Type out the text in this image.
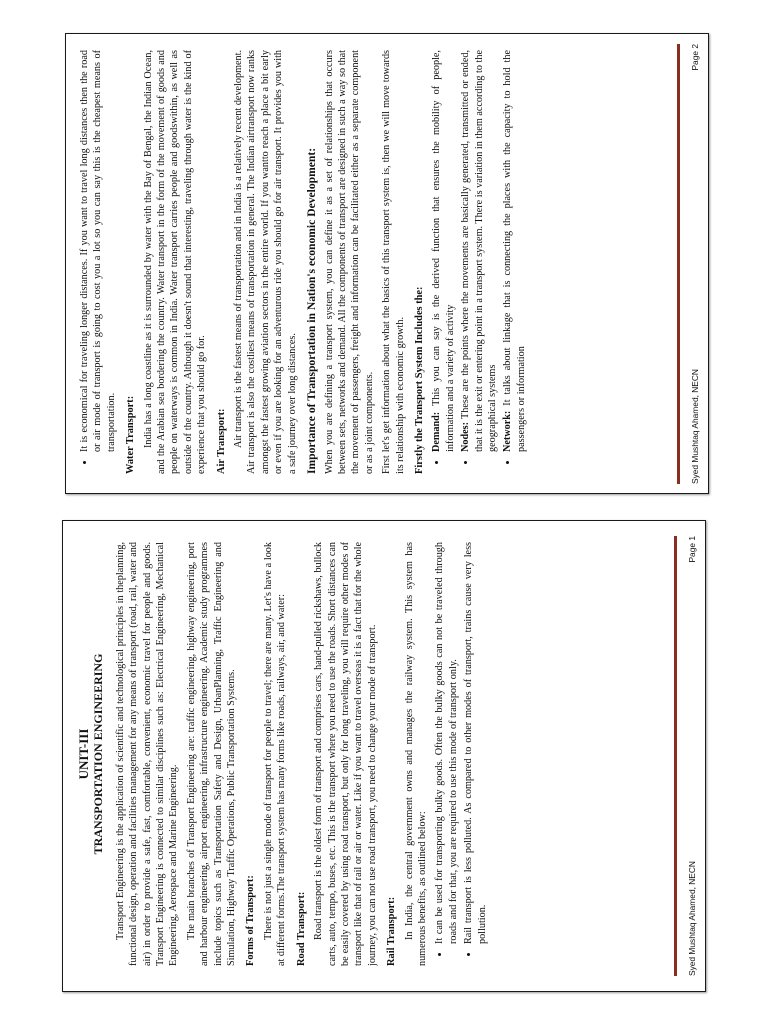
UNIT-III TRANSPORTATION ENGINEERING Transport Engineering is the application of scientific and technological principles in theplanning, functional design, operation and facilities management for any means of transport (road, rail, water and air) in order to provide a safe, fast, comfortable, convenient, economic travel for people and goods. Transport Engineering is connected to similar disciplines such as: Electrical Engineering, Mechanical Engineering, Aerospace and Marine Engineering. The main branches of Transport Engineering are: traffic engineering, highway engineering, port and harbour engineering, airport engineering, infrastructure engineering. Academic study programmes include topics such as Transportation Safety and Design, UrbanPlanning, Traffic Engineering and Simulation, Highway Traffic Operations, Public Transportation Systems. Forms of Transport: There is not just a single mode of transport for people to travel; there are many. Let's have a look at different forms.The transport system has many forms like roads, railways, air, and water: Road Transport: Road transport is the oldest form of transport and comprises cars, hand-pulled rickshaws, bullock carts, auto, tempo, buses, etc. This is the transport where you need to use the roads. Short distances can be easily covered by using road transport, but only for long traveling, you will require other modes of transport like that of rail or air or water. Like if you want to travel overseas it is a fact that for the whole journey, you can not use road transport, you need to change your mode of transport. Rail Transport: In India, the central government owns and manages the railway system. This system has numerous benefits, as outlined below: • It can be used for transporting bulky goods. Often the bulky goods can not be traveled through roads and for that, you are required to use this mode of transport only. • Rail transport is less polluted. As compared to other modes of transport, trains cause very less pollution.	Syed Mushtaq Ahamed, NECN
Page 1
• It is economical for traveling longer distances. If you want to travel long distances then the road or air mode of transport is going to cost you a lot so you can say this is the cheapest means of transportation. Water Transport: India has a long coastline as it is surrounded by water with the Bay of Bengal, the Indian Ocean, and the Arabian sea bordering the country. Water transport in the form of the movement of goods and people on waterways is common in India. Water transport carries people and goodswithin, as well as outside of the country. Although it doesn't sound that interesting, traveling through water is the kind of experience that you should go for. Air Transport: Air transport is the fastest means of transportation and in India is a relatively recent development. Air transport is also the costliest means of transportation in general. The Indian airtransport now ranks amongst the fastest growing aviation sectors in the entire world. If you wantto reach a place a bit early or even if you are looking for an adventurous ride you should go for air transport. It provides you with a safe journey over long distances. Importance of Transportation in Nation's economic Development: When you are defining a transport system, you can define it as a set of relationships that occurs between sets, networks and demand. All the components of transport are designed in such a way so that the movement of passengers, freight and information can be facilitated either as a separate component or as a joint components. First let's get information about what the basics of this transport system is, then we will move towards its relationship with economic growth. Firstly the Transport System Includes the: • Demand: This you can say is the derived function that ensures the mobility of people, information and a variety of activity • Nodes: These are the points where the movements are basically generated, transmitted or ended, that it is the exit or entering point in a transport system. There is variation in them according to the geographical systems • Network: It talks about linkage that is connecting the places with the capacity to hold the passengers or information	Syed Mushtaq Ahamed, NECN
Page 2
